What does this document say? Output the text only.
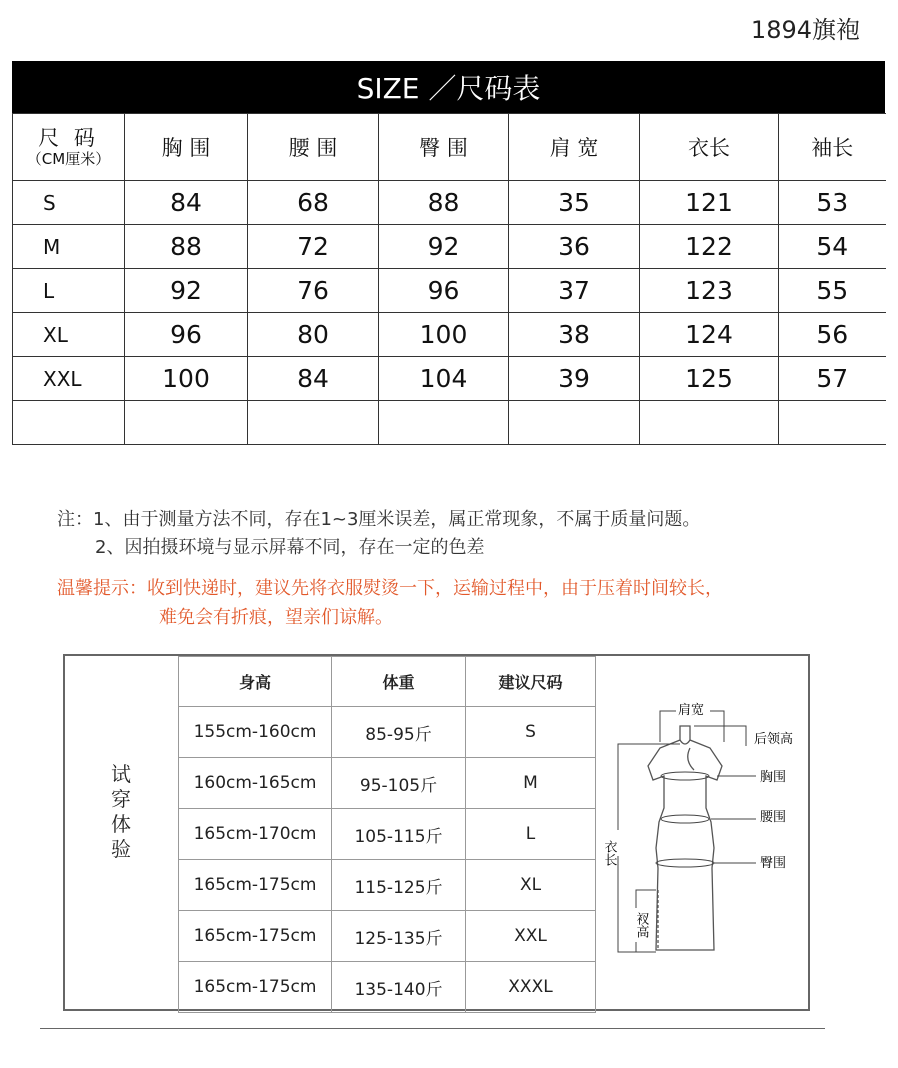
1894旗袍
SIZE ／尺码表
尺 码
（CM厘米）	胸 围	腰 围	臀 围	肩 宽	衣长	袖长
S	84	68	88	35	121	53
M	88	72	92	36	122	54
L	92	76	96	37	123	55
XL	96	80	100	38	124	56
XXL	100	84	104	39	125	57

注：1、由于测量方法不同，存在1~3厘米误差，属正常现象，不属于质量问题。
2、因拍摄环境与显示屏幕不同，存在一定的色差
温馨提示：收到快递时，建议先将衣服熨烫一下，运输过程中，由于压着时间较长，
难免会有折痕，望亲们谅解。
试
穿
体
验
身高	体重	建议尺码
155cm-160cm	85-95斤	S
160cm-165cm	95-105斤	M
165cm-170cm	105-115斤	L
165cm-175cm	115-125斤	XL
165cm-175cm	125-135斤	XXL
165cm-175cm	135-140斤	XXXL
肩宽
后领高
胸围
腰围
臀围
衣长
衩高
